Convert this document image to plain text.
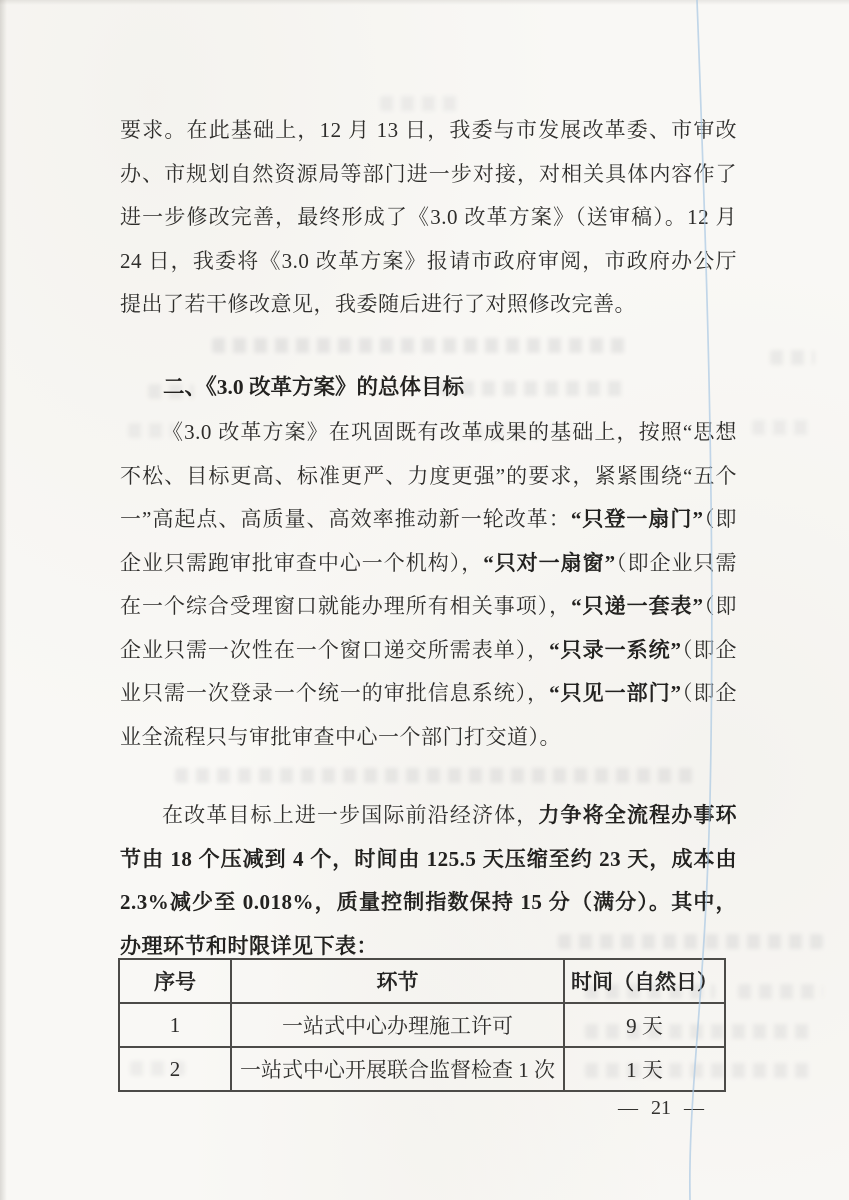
要求。在此基础上，12 月 13 日，我委与市发展改革委、市审改办、市规划自然资源局等部门进一步对接，对相关具体内容作了进一步修改完善，最终形成了《3.0 改革方案》（送审稿）。12 月 24 日，我委将《3.0 改革方案》报请市政府审阅，市政府办公厅提出了若干修改意见，我委随后进行了对照修改完善。

二、《3.0 改革方案》的总体目标

《3.0 改革方案》在巩固既有改革成果的基础上，按照“思想不松、目标更高、标准更严、力度更强”的要求，紧紧围绕“五个一”高起点、高质量、高效率推动新一轮改革：“只登一扇门”（即企业只需跑审批审查中心一个机构），“只对一扇窗”（即企业只需在一个综合受理窗口就能办理所有相关事项），“只递一套表”（即企业只需一次性在一个窗口递交所需表单），“只录一系统”（即企业只需一次登录一个统一的审批信息系统），“只见一部门”（即企业全流程只与审批审查中心一个部门打交道）。

在改革目标上进一步国际前沿经济体，力争将全流程办事环节由 18 个压减到 4 个，时间由 125.5 天压缩至约 23 天，成本由 2.3%减少至 0.018%，质量控制指数保持 15 分（满分）。其中，办理环节和时限详见下表：

序号	环节	时间（自然日）
1	一站式中心办理施工许可	9 天
2	一站式中心开展联合监督检查 1 次	1 天
— 21 —
